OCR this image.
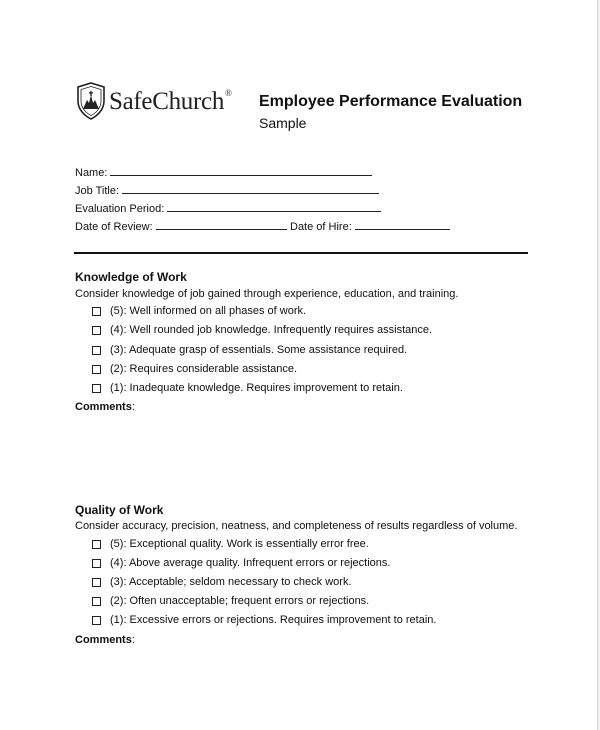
SafeChurch®
Employee Performance Evaluation
Sample
Name:
Job Title:
Evaluation Period:
Date of Review:	Date of Hire:
Knowledge of Work
Consider knowledge of job gained through experience, education, and training.
(5): Well informed on all phases of work.
(4): Well rounded job knowledge. Infrequently requires assistance.
(3): Adequate grasp of essentials. Some assistance required.
(2): Requires considerable assistance.
(1): Inadequate knowledge. Requires improvement to retain.
Comments:
Quality of Work
Consider accuracy, precision, neatness, and completeness of results regardless of volume.
(5): Exceptional quality. Work is essentially error free.
(4): Above average quality. Infrequent errors or rejections.
(3): Acceptable; seldom necessary to check work.
(2): Often unacceptable; frequent errors or rejections.
(1): Excessive errors or rejections. Requires improvement to retain.
Comments:
